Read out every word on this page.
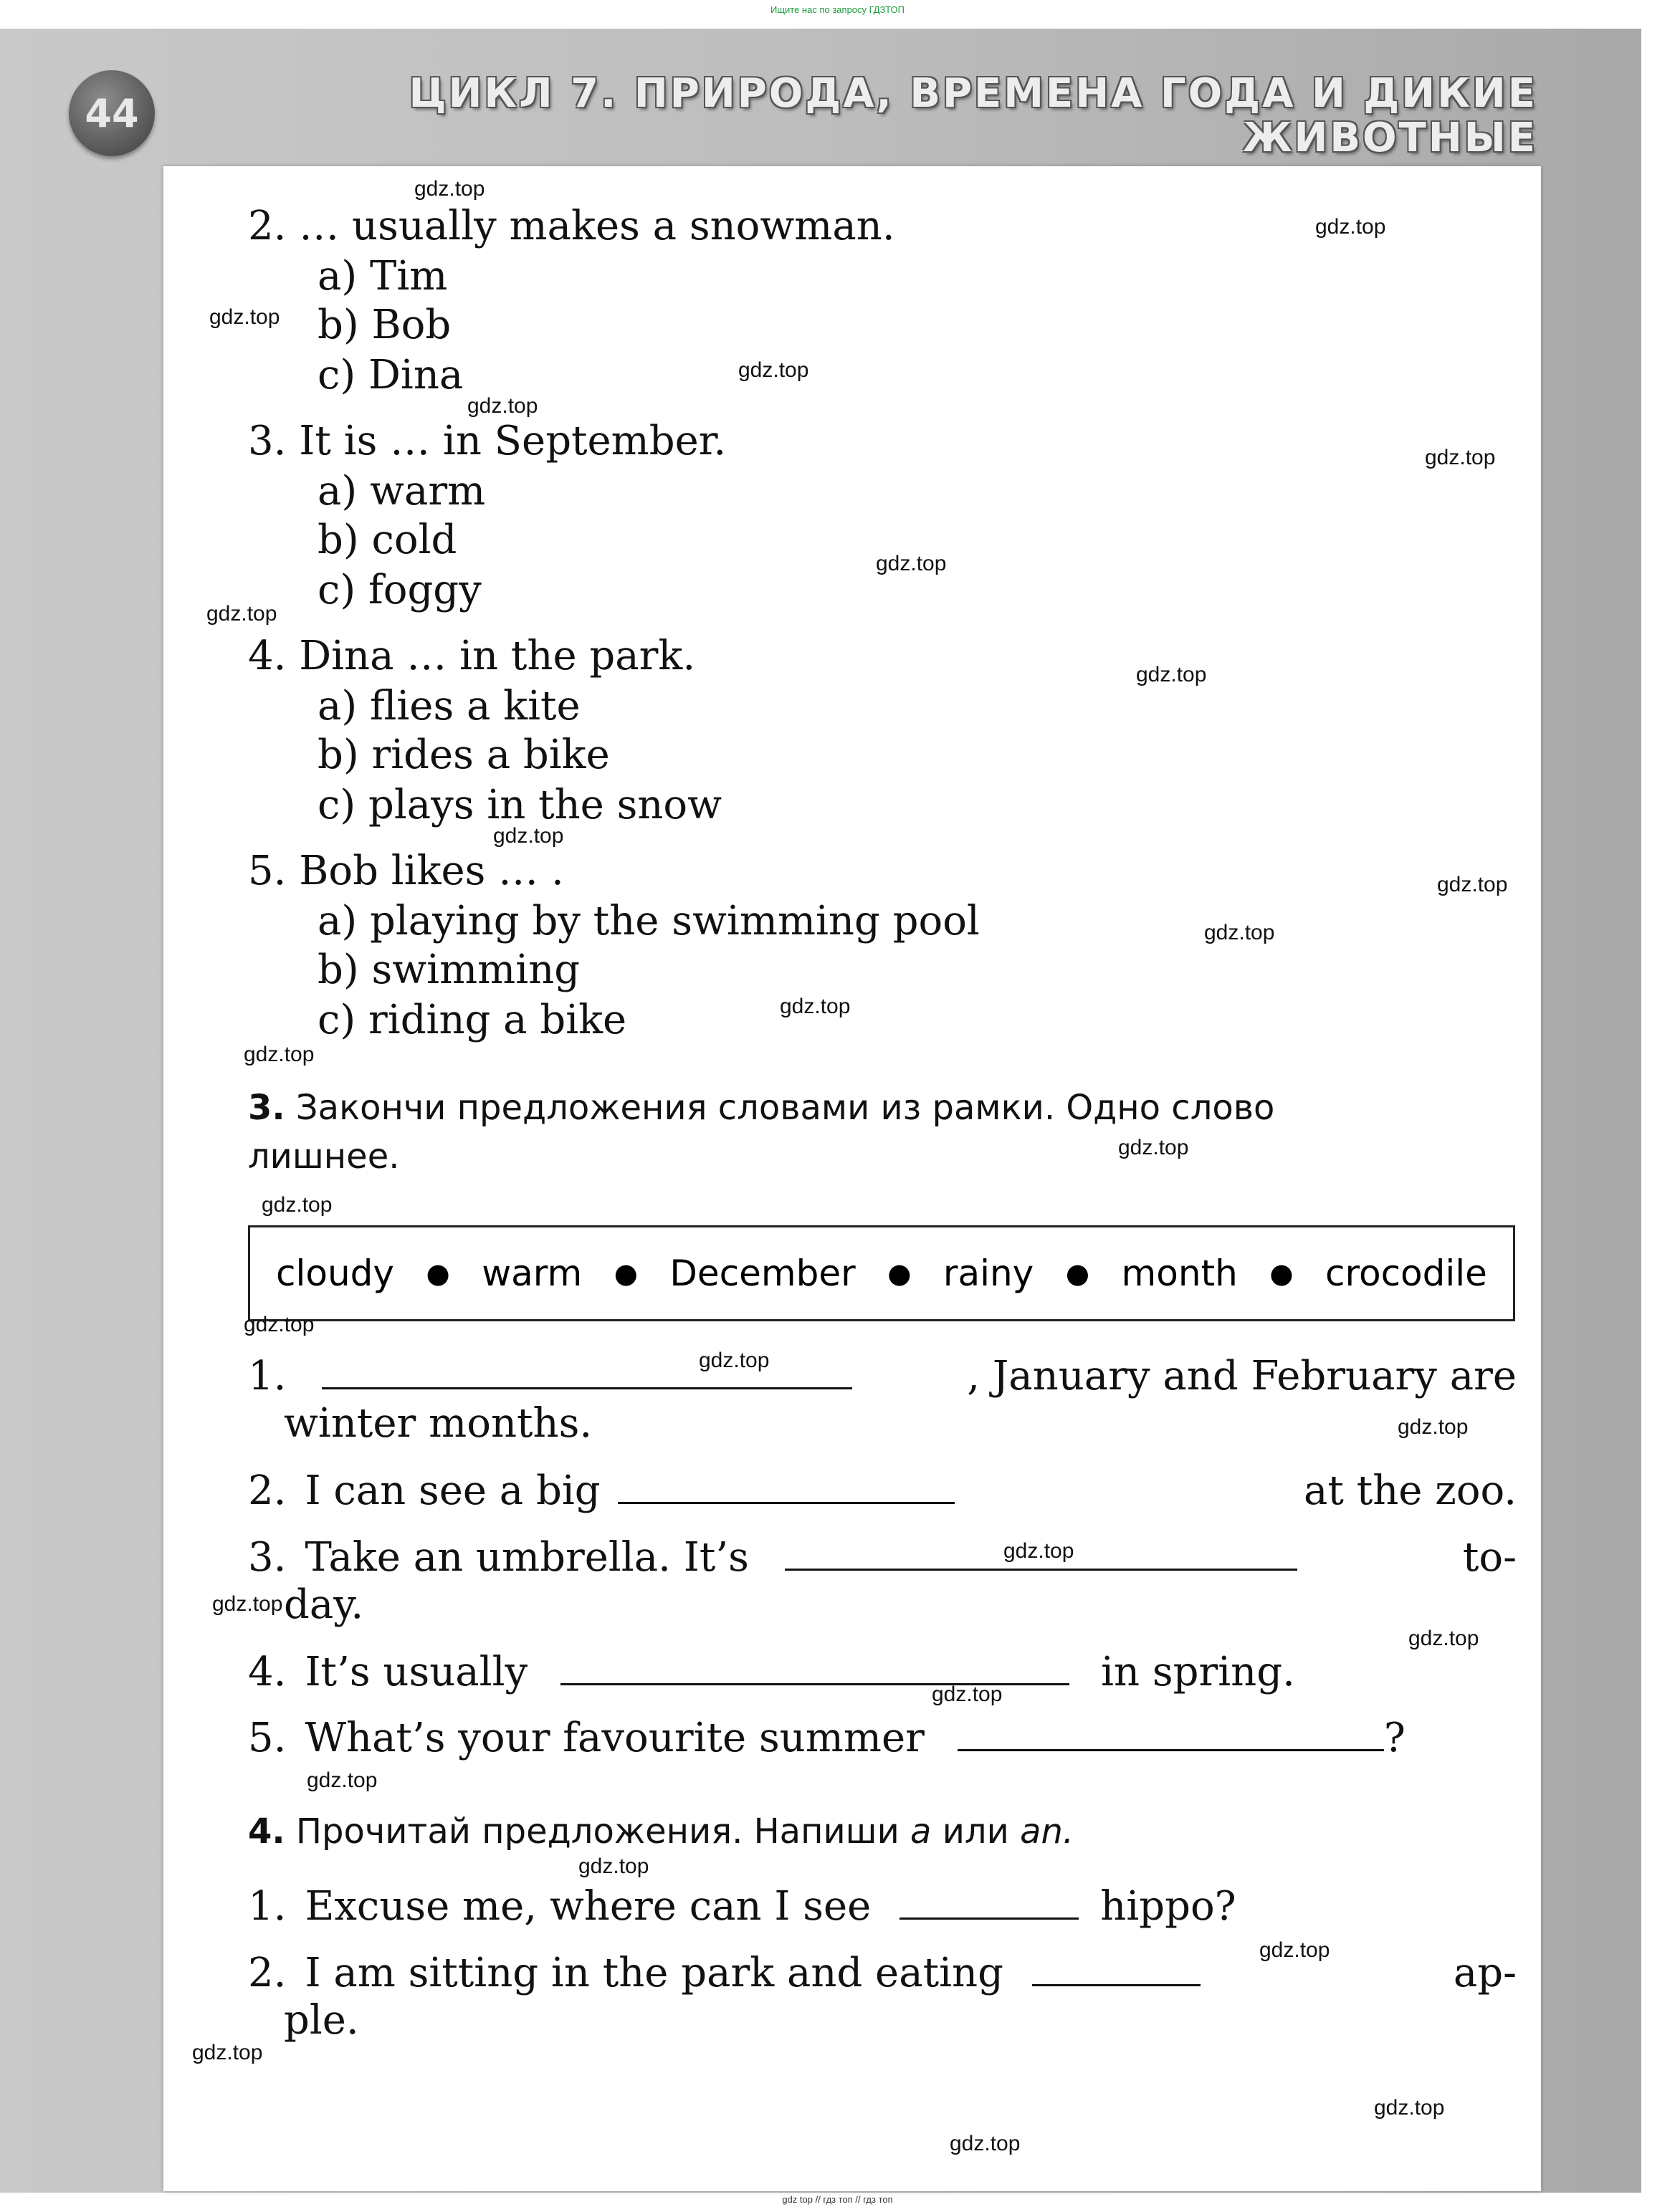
Ищите нас по запросу ГДЗТОП
44	ЦИКЛ 7. ПРИРОДА, ВРЕМЕНА ГОДА И ДИКИЕ
ЖИВОТНЫЕ
2. … usually makes a snowman.
a) Tim
b) Bob
c) Dina
3. It is … in September.
a) warm
b) cold
c) foggy
4. Dina … in the park.
a) flies a kite
b) rides a bike
c) plays in the snow
5. Bob likes … .
a) playing by the swimming pool
b) swimming
c) riding a bike
3. Закончи предложения словами из рамки. Одно слово
лишнее.
cloudy ● warm ● December ● rainy ● month ● crocodile
1.	, January and February are
winter months.
2. I can see a big	at the zoo.
3. Take an umbrella. It’s	to-
day.
4. It’s usually	in spring.
5. What’s your favourite summer	?
4. Прочитай предложения. Напиши a или an.
1. Excuse me, where can I see	hippo?
2. I am sitting in the park and eating	ap-
ple.
gdz.top
gdz.top
gdz.top
gdz.top
gdz.top
gdz.top
gdz.top
gdz.top
gdz.top
gdz.top
gdz.top
gdz.top
gdz.top
gdz.top
gdz.top
gdz.top
gdz.top
gdz.top
gdz.top
gdz.top
gdz.top
gdz.top
gdz.top
gdz.top
gdz.top
gdz.top
gdz.top
gdz.top
gdz.top
gdz top // гдз топ // гдз топ
